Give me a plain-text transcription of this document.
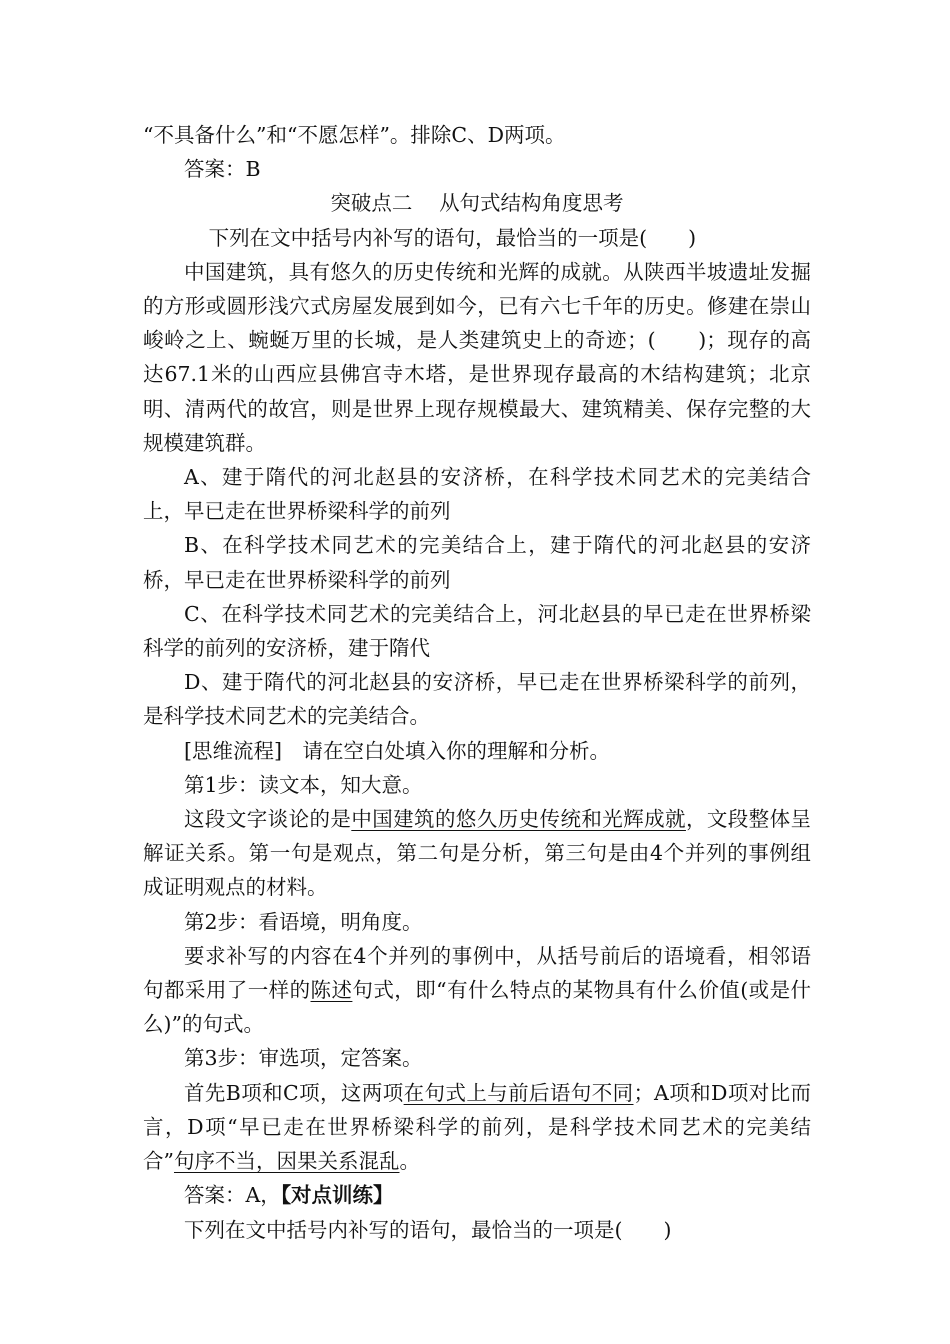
“不具备什么”和“不愿怎样”。排除C、D两项。

答案：B

突破点二 从句式结构角度思考

下列在文中括号内补写的语句，最恰当的一项是(　　)

中国建筑，具有悠久的历史传统和光辉的成就。从陕西半坡遗址发掘的方形或圆形浅穴式房屋发展到如今，已有六七千年的历史。修建在崇山峻岭之上、蜿蜒万里的长城，是人类建筑史上的奇迹；(　　)；现存的高达67.1米的山西应县佛宫寺木塔，是世界现存最高的木结构建筑；北京明、清两代的故宫，则是世界上现存规模最大、建筑精美、保存完整的大规模建筑群。

A、建于隋代的河北赵县的安济桥，在科学技术同艺术的完美结合上，早已走在世界桥梁科学的前列

B、在科学技术同艺术的完美结合上，建于隋代的河北赵县的安济桥，早已走在世界桥梁科学的前列

C、在科学技术同艺术的完美结合上，河北赵县的早已走在世界桥梁科学的前列的安济桥，建于隋代

D、建于隋代的河北赵县的安济桥，早已走在世界桥梁科学的前列，是科学技术同艺术的完美结合。

[思维流程]　请在空白处填入你的理解和分析。

第1步：读文本，知大意。

这段文字谈论的是中国建筑的悠久历史传统和光辉成就，文段整体呈解证关系。第一句是观点，第二句是分析，第三句是由4个并列的事例组成证明观点的材料。

第2步：看语境，明角度。

要求补写的内容在4个并列的事例中，从括号前后的语境看，相邻语句都采用了一样的陈述句式，即“有什么特点的某物具有什么价值(或是什么)”的句式。

第3步：审选项，定答案。

首先B项和C项，这两项在句式上与前后语句不同；A项和D项对比而言，D项“早已走在世界桥梁科学的前列，是科学技术同艺术的完美结合”句序不当，因果关系混乱。

答案：A，【对点训练】

下列在文中括号内补写的语句，最恰当的一项是(　　)
